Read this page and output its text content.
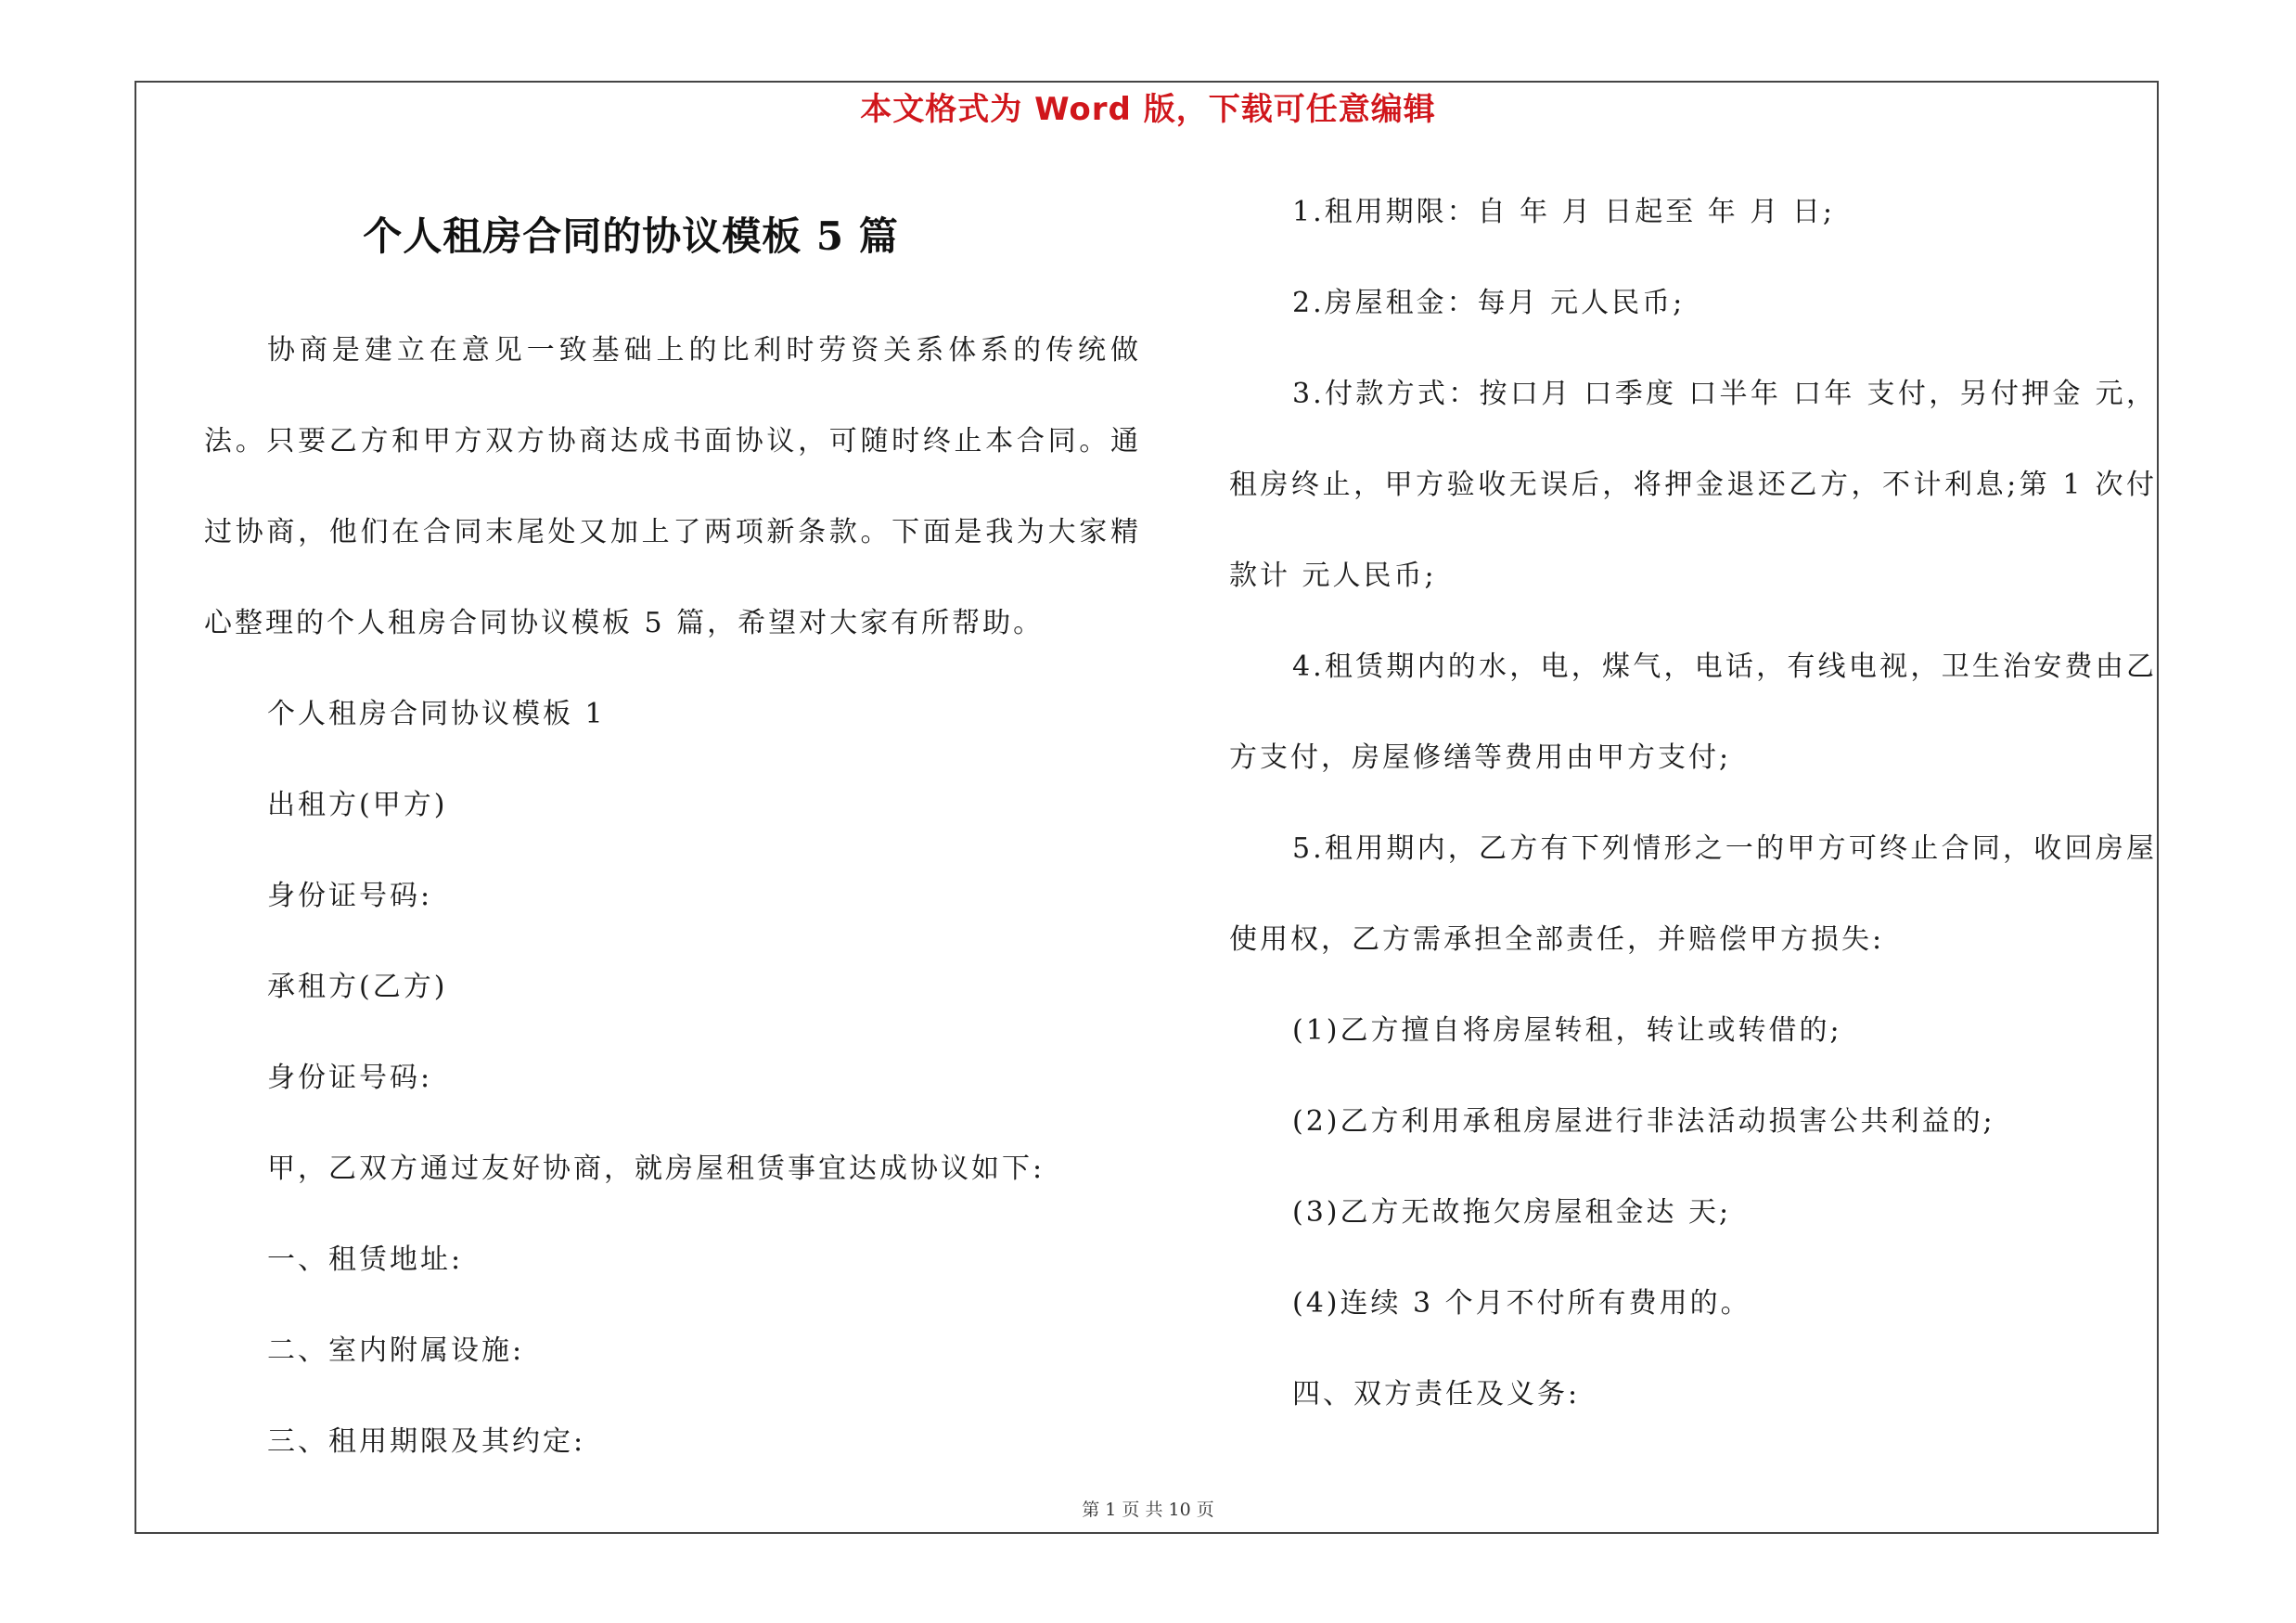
本文格式为 Word 版，下载可任意编辑
个人租房合同的协议模板 5 篇

协商是建立在意见一致基础上的比利时劳资关系体系的传统做法。只要乙方和甲方双方协商达成书面协议，可随时终止本合同。通过协商，他们在合同末尾处又加上了两项新条款。下面是我为大家精心整理的个人租房合同协议模板 5 篇，希望对大家有所帮助。

个人租房合同协议模板 1

出租方(甲方)

身份证号码:

承租方(乙方)

身份证号码:

甲，乙双方通过友好协商，就房屋租赁事宜达成协议如下:

一、租赁地址:

二、室内附属设施:

三、租用期限及其约定:

1.租用期限：自 年 月 日起至 年 月 日;

2.房屋租金：每月 元人民币;

3.付款方式：按口月 口季度 口半年 口年 支付，另付押金 元，租房终止，甲方验收无误后，将押金退还乙方，不计利息;第 1 次付款计 元人民币;

4.租赁期内的水，电，煤气，电话，有线电视，卫生治安费由乙方支付，房屋修缮等费用由甲方支付;

5.租用期内，乙方有下列情形之一的甲方可终止合同，收回房屋使用权，乙方需承担全部责任，并赔偿甲方损失:

(1)乙方擅自将房屋转租，转让或转借的;

(2)乙方利用承租房屋进行非法活动损害公共利益的;

(3)乙方无故拖欠房屋租金达 天;

(4)连续 3 个月不付所有费用的。

四、双方责任及义务:

第 1 页 共 10 页
